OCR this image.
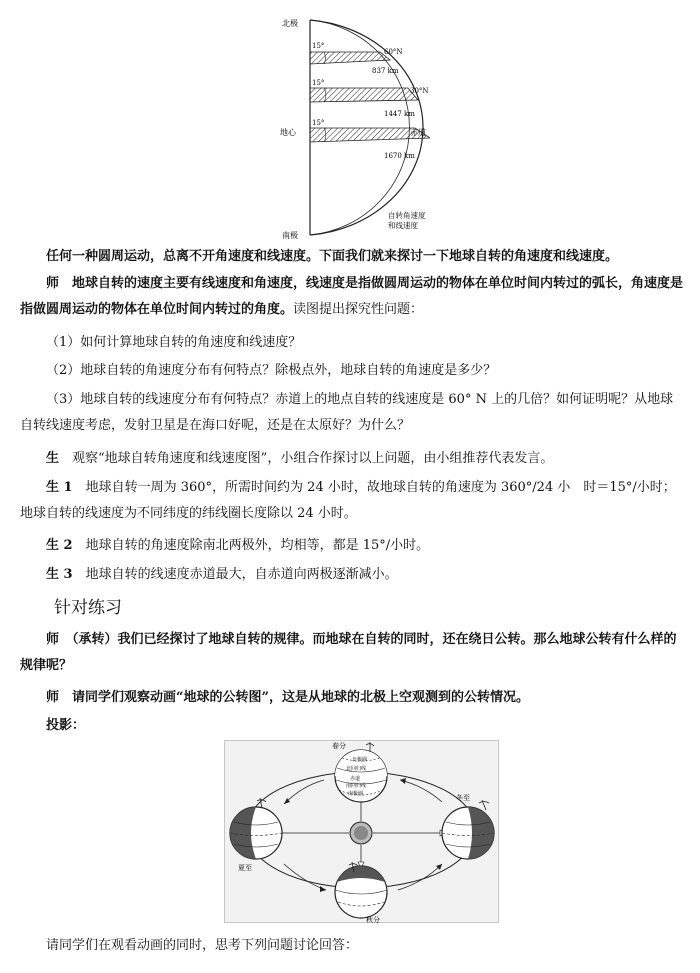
北极
地心
南极
15°
15°
15°
60°N
30°N
赤道
837 km
1447 km
1670 km
自转角速度
和线速度

任何一种圆周运动，总离不开角速度和线速度。下面我们就来探讨一下地球自转的角速度和线速度。

师　 地球自转的速度主要有线速度和角速度，线速度是指做圆周运动的物体在单位时间内转过的弧长，角速度是指做圆周运动的物体在单位时间内转过的角度。读图提出探究性问题：

（1）如何计算地球自转的角速度和线速度？

（2）地球自转的角速度分布有何特点？除极点外，地球自转的角速度是多少？

（3）地球自转的线速度分布有何特点？赤道上的地点自转的线速度是 60° N 上的几倍？如何证明呢？从地球自转线速度考虑，发射卫星是在海口好呢，还是在太原好？为什么？

生　 观察“地球自转角速度和线速度图”，小组合作探讨以上问题，由小组推荐代表发言。

生 1　 地球自转一周为 360°，所需时间约为 24 小时，故地球自转的角速度为 360°/24 小　时＝15°/小时；地球自转的线速度为不同纬度的纬线圈长度除以 24 小时。

生 2　 地球自转的角速度除南北两极外，均相等，都是 15°/小时。

生 3　 地球自转的线速度赤道最大，自赤道向两极逐渐减小。

针对练习

师　 （承转）我们已经探讨了地球自转的规律。而地球在自转的同时，还在绕日公转。那么地球公转有什么样的规律呢？

师　 请同学们观察动画“地球的公转图”，这是从地球的北极上空观测到的公转情况。

投影：

北极圈
北回归线
赤道
南回归线
南极圈
春分
夏至
冬至
秋分

请同学们在观看动画的同时，思考下列问题讨论回答：
